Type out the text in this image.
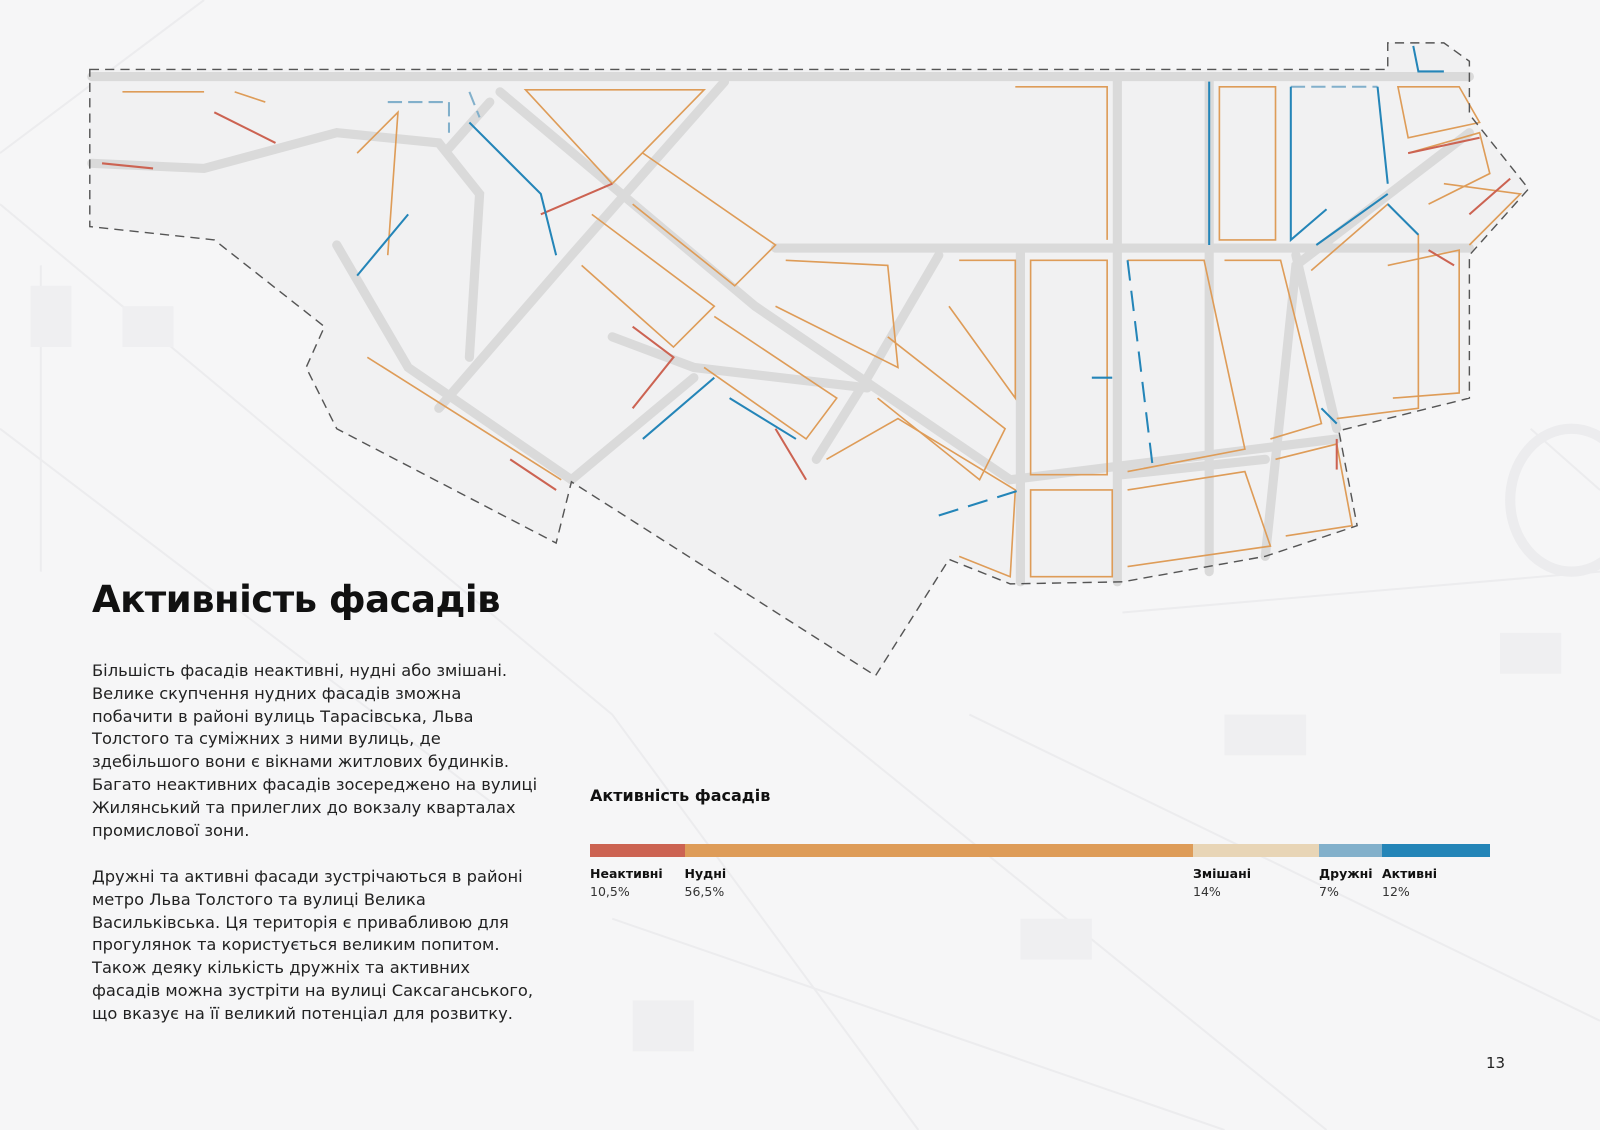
Активність фасадів

Більшість фасадів неактивні, нудні або змішані. Велике скупчення нудних фасадів зможна побачити в районі вулиць Тарасівська, Льва Толстого та суміжних з ними вулиць, де здебільшого вони є вікнами житлових будинків. Багато неактивних фасадів зосереджено на вулиці Жилянський та прилеглих до вокзалу кварталах промислової зони.

Дружні та активні фасади зустрічаються в районі метро Льва Толстого та вулиці Велика Васильківська. Ця територія є привабливою для прогулянок та користується великим попитом. Також деяку кількість дружніх та активних фасадів можна зустріти на вулиці Саксаганського, що вказує на її великий потенціал для розвитку.

Активність фасадів
Неактивні
10,5%
Нудні
56,5%
Змішані
14%
Дружні
7%
Активні
12%
13
